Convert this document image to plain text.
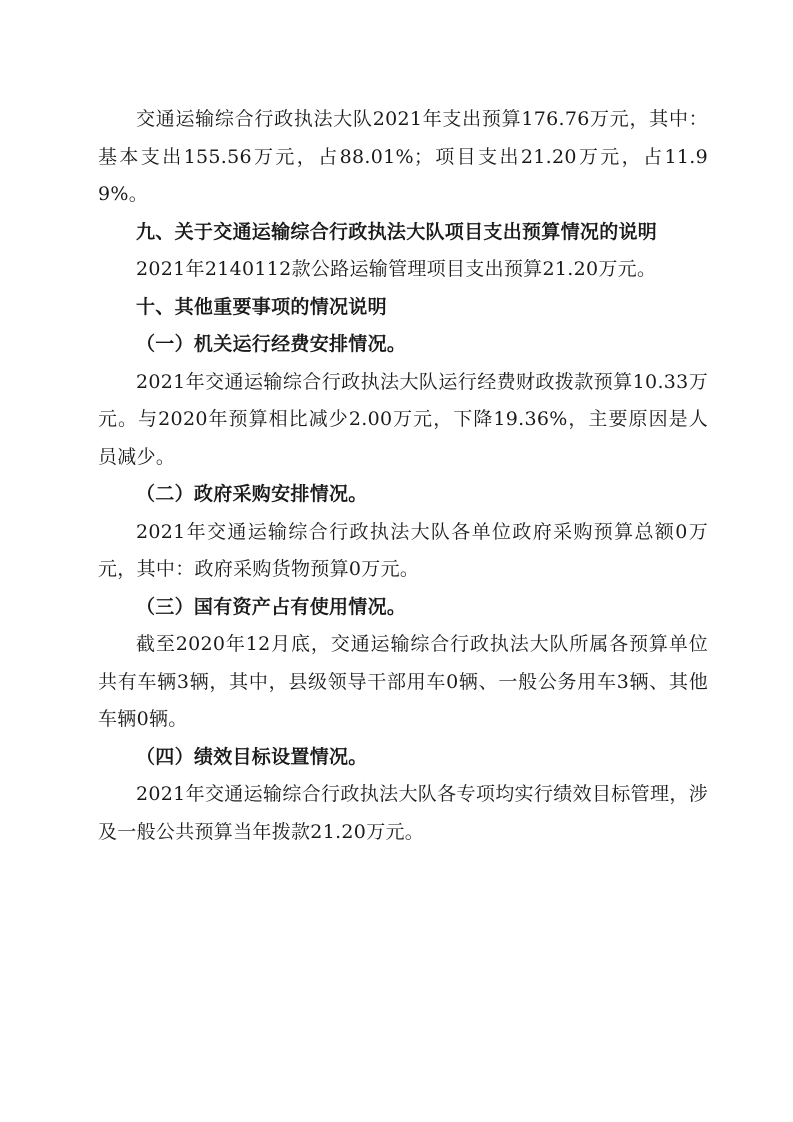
交通运输综合行政执法大队2021年支出预算176.76万元，其中：基本支出155.56万元，占88.01%；项目支出21.20万元，占11.99%。

九、关于交通运输综合行政执法大队项目支出预算情况的说明

2021年2140112款公路运输管理项目支出预算21.20万元。

十、其他重要事项的情况说明

（一）机关运行经费安排情况。

2021年交通运输综合行政执法大队运行经费财政拨款预算10.33万元。与2020年预算相比减少2.00万元，下降19.36%，主要原因是人员减少。

（二）政府采购安排情况。

2021年交通运输综合行政执法大队各单位政府采购预算总额0万元，其中：政府采购货物预算0万元。

（三）国有资产占有使用情况。

截至2020年12月底，交通运输综合行政执法大队所属各预算单位共有车辆3辆，其中，县级领导干部用车0辆、一般公务用车3辆、其他车辆0辆。

（四）绩效目标设置情况。

2021年交通运输综合行政执法大队各专项均实行绩效目标管理，涉及一般公共预算当年拨款21.20万元。
